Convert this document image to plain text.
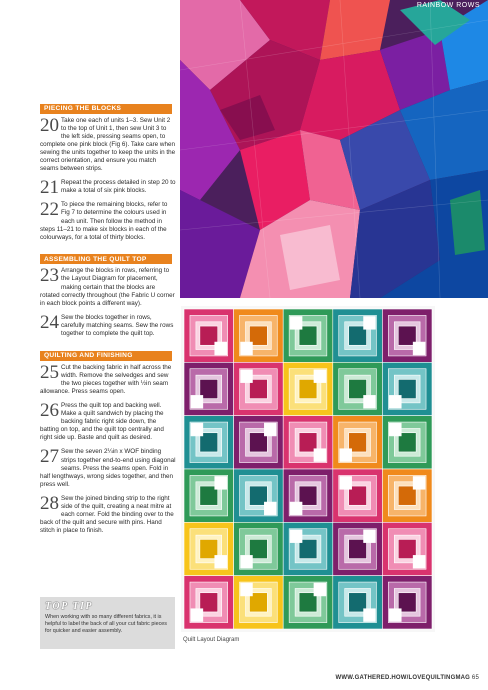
RAINBOW ROWS
PIECING THE BLOCKS
20 Take one each of units 1–3. Sew Unit 2 to the top of Unit 1, then sew Unit 3 to the left side, pressing seams open, to complete one pink block (Fig 6). Take care when sewing the units together to keep the units in the correct orientation, and ensure you match seams between strips.

21 Repeat the process detailed in step 20 to make a total of six pink blocks.

22 To piece the remaining blocks, refer to Fig 7 to determine the colours used in each unit. Then follow the method in steps 11–21 to make six blocks in each of the colourways, for a total of thirty blocks.

ASSEMBLING THE QUILT TOP
23 Arrange the blocks in rows, referring to the Layout Diagram for placement, making certain that the blocks are rotated correctly throughout (the Fabric U corner in each block points a different way).

24 Sew the blocks together in rows, carefully matching seams. Sew the rows together to complete the quilt top.

QUILTING AND FINISHING
25 Cut the backing fabric in half across the width. Remove the selvedges and sew the two pieces together with ½in seam allowance. Press seams open.

26 Press the quilt top and backing well. Make a quilt sandwich by placing the backing fabric right side down, the batting on top, and the quilt top centrally and right side up. Baste and quilt as desired.

27 Sew the seven 2¼in x WOF binding strips together end-to-end using diagonal seams. Press the seams open. Fold in half lengthways, wrong sides together, and then press well.

28 Sew the joined binding strip to the right side of the quilt, creating a neat mitre at each corner. Fold the binding over to the back of the quilt and secure with pins. Hand stitch in place to finish.

TOP TIP
When working with so many different fabrics, it is helpful to label the back of all your cut fabric pieces for quicker and easier assembly.
Quilt Layout Diagram
WWW.GATHERED.HOW/LOVEQUILTINGMAG 65
